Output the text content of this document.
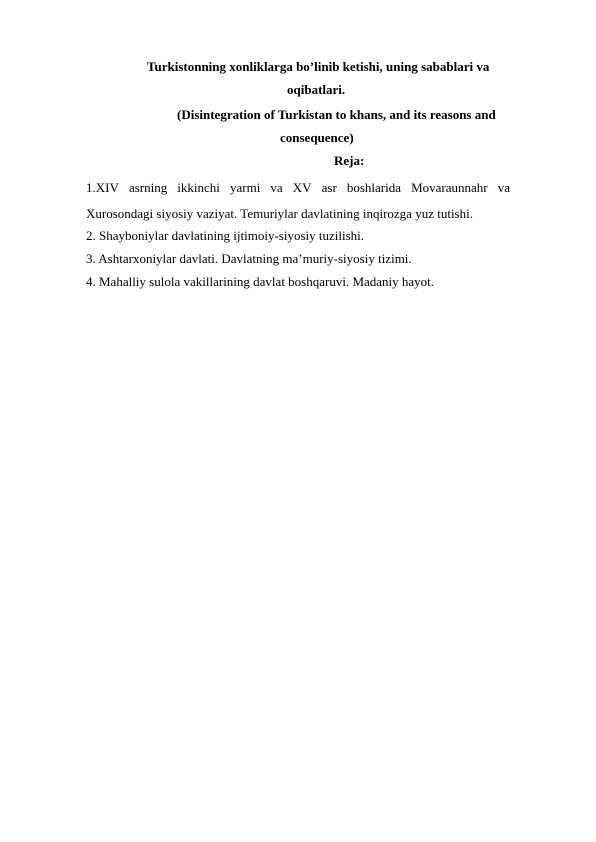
Turkistonning xonliklarga bo’linib ketishi, uning sabablari va
oqibatlari.
(Disintegration of Turkistan to khans, and its reasons and
consequence)
Reja:
1.XIV asrning ikkinchi yarmi va XV asr boshlarida Movaraunnahr va
Xurosondagi siyosiy vaziyat. Temuriylar davlatining inqirozga yuz tutishi.
2. Shayboniylar davlatining ijtimoiy-siyosiy tuzilishi.
3. Ashtarxoniylar davlati. Davlatning ma’muriy-siyosiy tizimi.
4. Mahalliy sulola vakillarining davlat boshqaruvi. Madaniy hayot.
